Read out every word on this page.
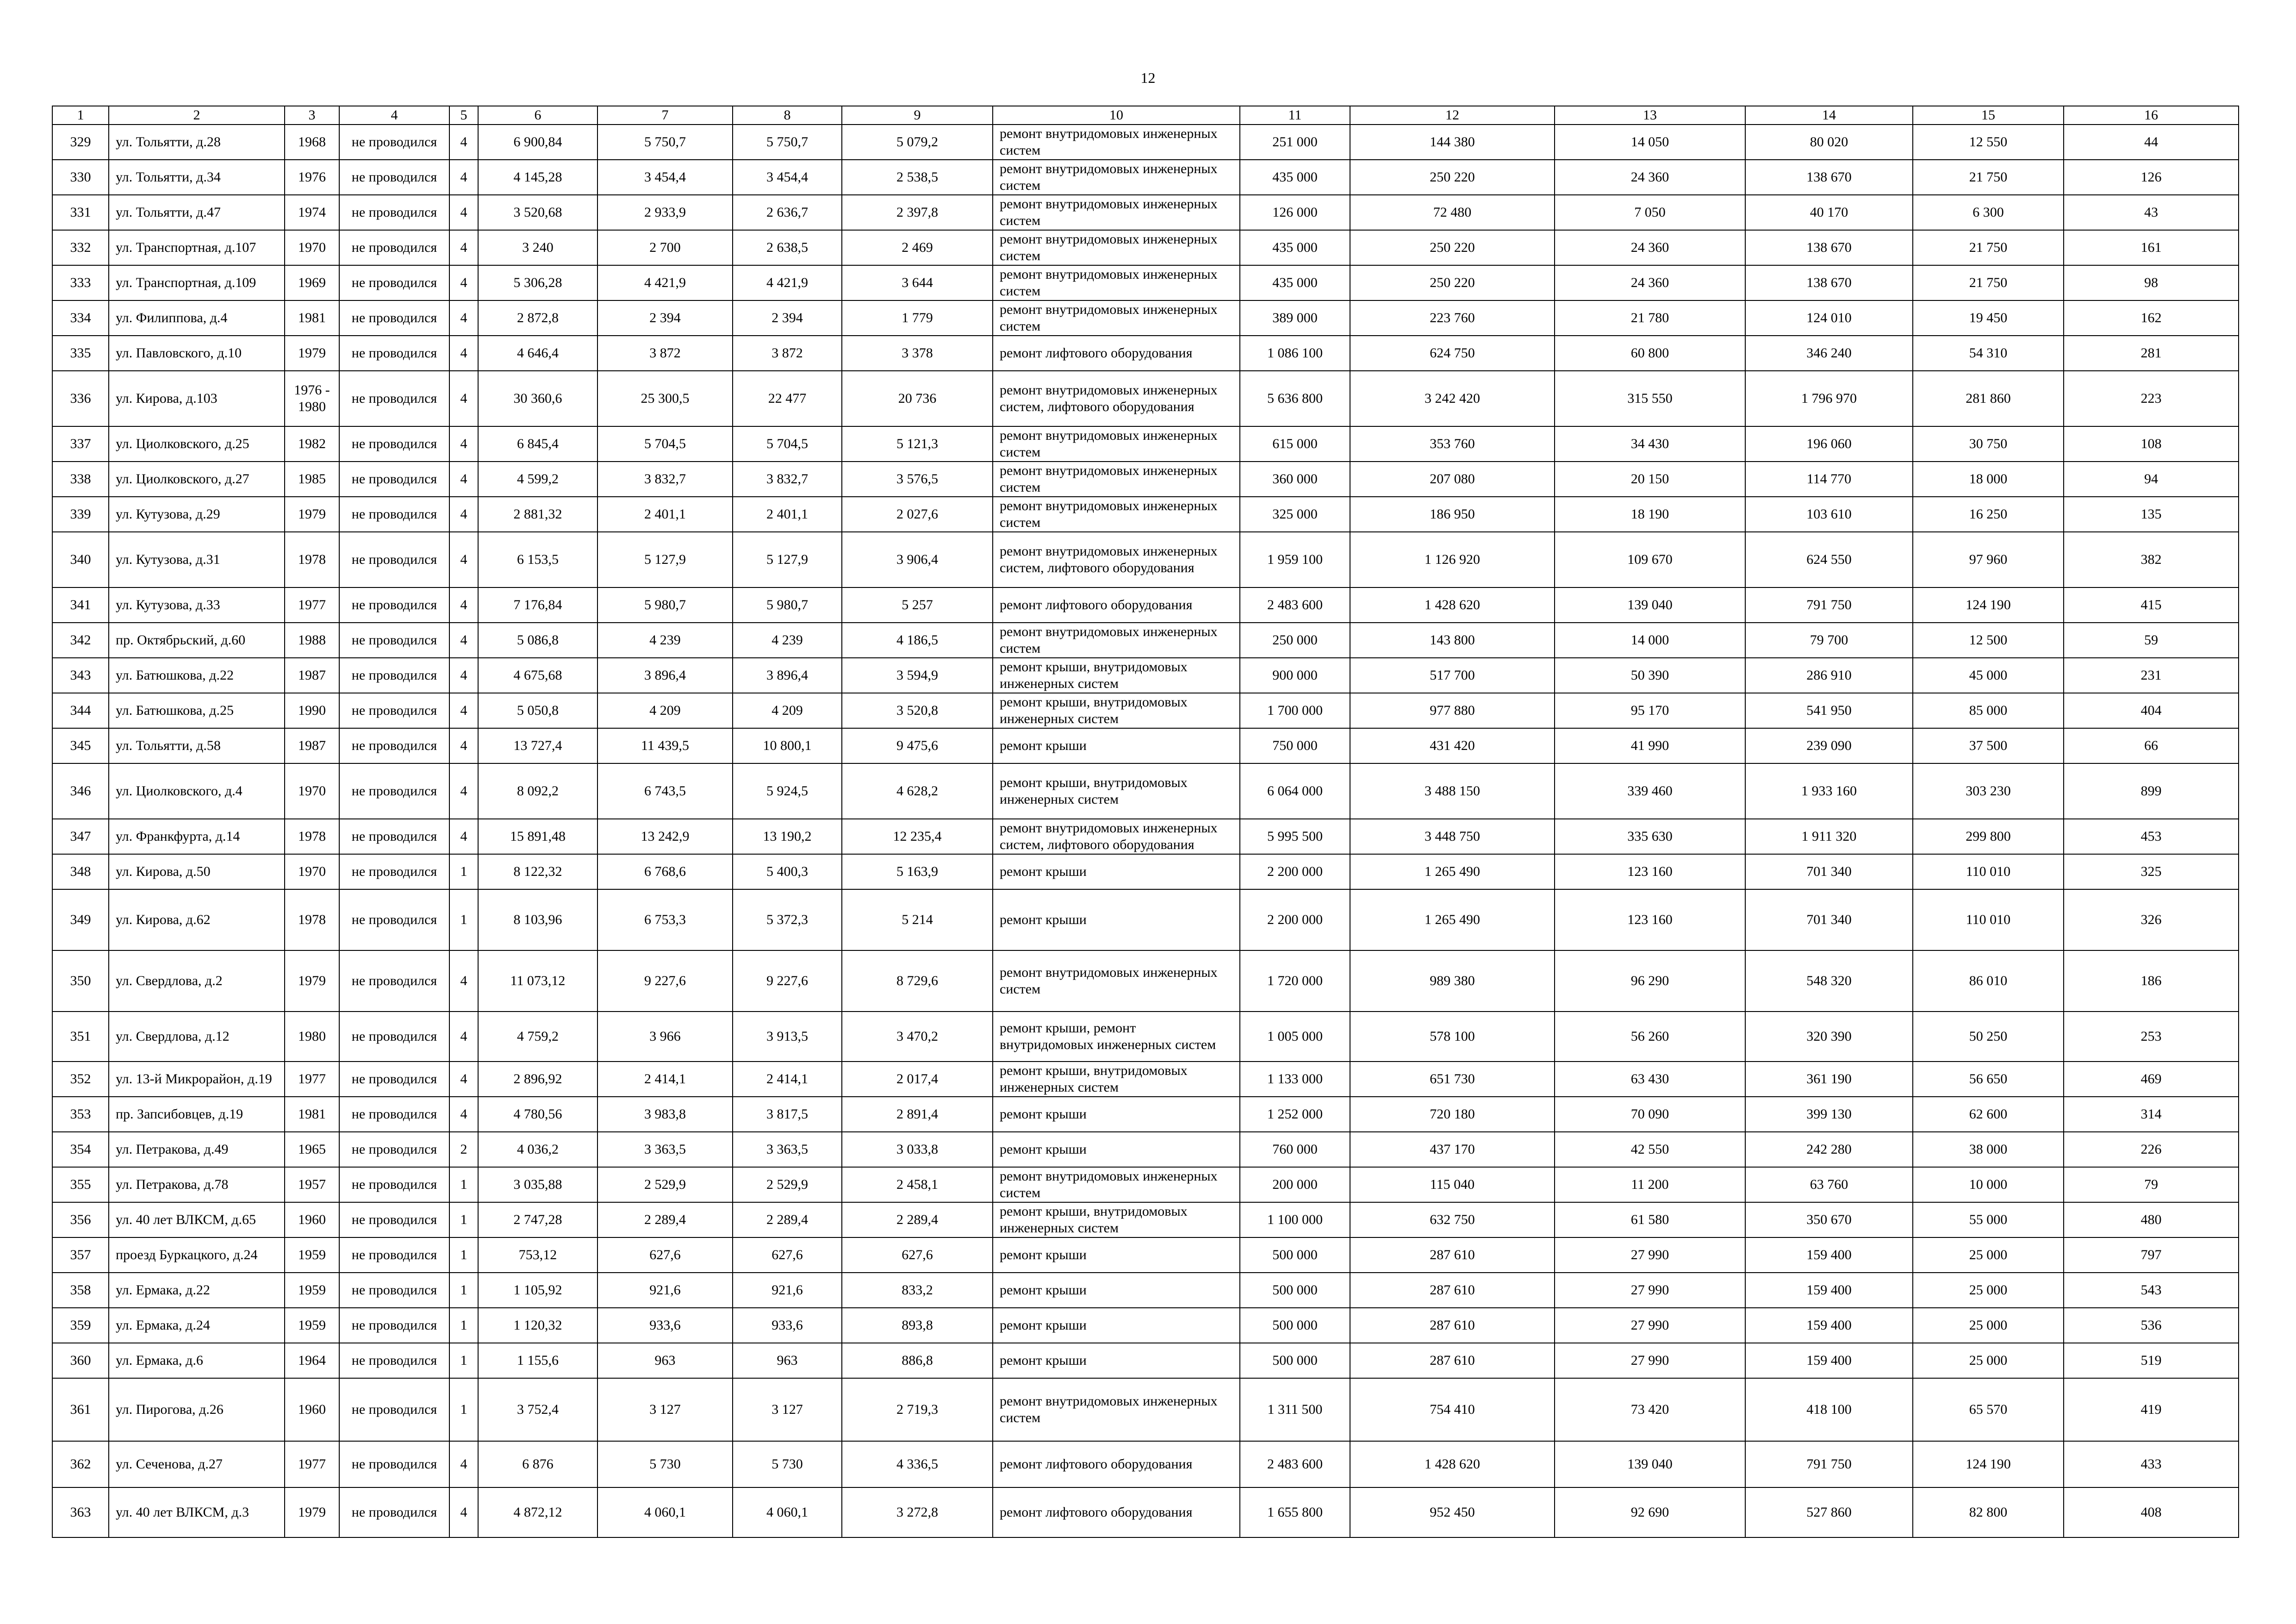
12
1	2	3	4	5	6	7	8	9	10	11	12	13	14	15	16
329	ул. Тольятти, д.28	1968	не проводился	4	6 900,84	5 750,7	5 750,7	5 079,2	ремонт внутридомовых инженерных систем	251 000	144 380	14 050	80 020	12 550	44
330	ул. Тольятти, д.34	1976	не проводился	4	4 145,28	3 454,4	3 454,4	2 538,5	ремонт внутридомовых инженерных систем	435 000	250 220	24 360	138 670	21 750	126
331	ул. Тольятти, д.47	1974	не проводился	4	3 520,68	2 933,9	2 636,7	2 397,8	ремонт внутридомовых инженерных систем	126 000	72 480	7 050	40 170	6 300	43
332	ул. Транспортная, д.107	1970	не проводился	4	3 240	2 700	2 638,5	2 469	ремонт внутридомовых инженерных систем	435 000	250 220	24 360	138 670	21 750	161
333	ул. Транспортная, д.109	1969	не проводился	4	5 306,28	4 421,9	4 421,9	3 644	ремонт внутридомовых инженерных систем	435 000	250 220	24 360	138 670	21 750	98
334	ул. Филиппова, д.4	1981	не проводился	4	2 872,8	2 394	2 394	1 779	ремонт внутридомовых инженерных систем	389 000	223 760	21 780	124 010	19 450	162
335	ул. Павловского, д.10	1979	не проводился	4	4 646,4	3 872	3 872	3 378	ремонт лифтового оборудования	1 086 100	624 750	60 800	346 240	54 310	281
336	ул. Кирова, д.103	1976 - 1980	не проводился	4	30 360,6	25 300,5	22 477	20 736	ремонт внутридомовых инженерных систем, лифтового оборудования	5 636 800	3 242 420	315 550	1 796 970	281 860	223
337	ул. Циолковского, д.25	1982	не проводился	4	6 845,4	5 704,5	5 704,5	5 121,3	ремонт внутридомовых инженерных систем	615 000	353 760	34 430	196 060	30 750	108
338	ул. Циолковского, д.27	1985	не проводился	4	4 599,2	3 832,7	3 832,7	3 576,5	ремонт внутридомовых инженерных систем	360 000	207 080	20 150	114 770	18 000	94
339	ул. Кутузова, д.29	1979	не проводился	4	2 881,32	2 401,1	2 401,1	2 027,6	ремонт внутридомовых инженерных систем	325 000	186 950	18 190	103 610	16 250	135
340	ул. Кутузова, д.31	1978	не проводился	4	6 153,5	5 127,9	5 127,9	3 906,4	ремонт внутридомовых инженерных систем, лифтового оборудования	1 959 100	1 126 920	109 670	624 550	97 960	382
341	ул. Кутузова, д.33	1977	не проводился	4	7 176,84	5 980,7	5 980,7	5 257	ремонт лифтового оборудования	2 483 600	1 428 620	139 040	791 750	124 190	415
342	пр. Октябрьский, д.60	1988	не проводился	4	5 086,8	4 239	4 239	4 186,5	ремонт внутридомовых инженерных систем	250 000	143 800	14 000	79 700	12 500	59
343	ул. Батюшкова, д.22	1987	не проводился	4	4 675,68	3 896,4	3 896,4	3 594,9	ремонт крыши, внутридомовых инженерных систем	900 000	517 700	50 390	286 910	45 000	231
344	ул. Батюшкова, д.25	1990	не проводился	4	5 050,8	4 209	4 209	3 520,8	ремонт крыши, внутридомовых инженерных систем	1 700 000	977 880	95 170	541 950	85 000	404
345	ул. Тольятти, д.58	1987	не проводился	4	13 727,4	11 439,5	10 800,1	9 475,6	ремонт крыши	750 000	431 420	41 990	239 090	37 500	66
346	ул. Циолковского, д.4	1970	не проводился	4	8 092,2	6 743,5	5 924,5	4 628,2	ремонт крыши, внутридомовых инженерных систем	6 064 000	3 488 150	339 460	1 933 160	303 230	899
347	ул. Франкфурта, д.14	1978	не проводился	4	15 891,48	13 242,9	13 190,2	12 235,4	ремонт внутридомовых инженерных систем, лифтового оборудования	5 995 500	3 448 750	335 630	1 911 320	299 800	453
348	ул. Кирова, д.50	1970	не проводился	1	8 122,32	6 768,6	5 400,3	5 163,9	ремонт крыши	2 200 000	1 265 490	123 160	701 340	110 010	325
349	ул. Кирова, д.62	1978	не проводился	1	8 103,96	6 753,3	5 372,3	5 214	ремонт крыши	2 200 000	1 265 490	123 160	701 340	110 010	326
350	ул. Свердлова, д.2	1979	не проводился	4	11 073,12	9 227,6	9 227,6	8 729,6	ремонт внутридомовых инженерных систем	1 720 000	989 380	96 290	548 320	86 010	186
351	ул. Свердлова, д.12	1980	не проводился	4	4 759,2	3 966	3 913,5	3 470,2	ремонт крыши, ремонт внутридомовых инженерных систем	1 005 000	578 100	56 260	320 390	50 250	253
352	ул. 13-й Микрорайон, д.19	1977	не проводился	4	2 896,92	2 414,1	2 414,1	2 017,4	ремонт крыши, внутридомовых инженерных систем	1 133 000	651 730	63 430	361 190	56 650	469
353	пр. Запсибовцев, д.19	1981	не проводился	4	4 780,56	3 983,8	3 817,5	2 891,4	ремонт крыши	1 252 000	720 180	70 090	399 130	62 600	314
354	ул. Петракова, д.49	1965	не проводился	2	4 036,2	3 363,5	3 363,5	3 033,8	ремонт крыши	760 000	437 170	42 550	242 280	38 000	226
355	ул. Петракова, д.78	1957	не проводился	1	3 035,88	2 529,9	2 529,9	2 458,1	ремонт внутридомовых инженерных систем	200 000	115 040	11 200	63 760	10 000	79
356	ул. 40 лет ВЛКСМ, д.65	1960	не проводился	1	2 747,28	2 289,4	2 289,4	2 289,4	ремонт крыши, внутридомовых инженерных систем	1 100 000	632 750	61 580	350 670	55 000	480
357	проезд Буркацкого, д.24	1959	не проводился	1	753,12	627,6	627,6	627,6	ремонт крыши	500 000	287 610	27 990	159 400	25 000	797
358	ул. Ермака, д.22	1959	не проводился	1	1 105,92	921,6	921,6	833,2	ремонт крыши	500 000	287 610	27 990	159 400	25 000	543
359	ул. Ермака, д.24	1959	не проводился	1	1 120,32	933,6	933,6	893,8	ремонт крыши	500 000	287 610	27 990	159 400	25 000	536
360	ул. Ермака, д.6	1964	не проводился	1	1 155,6	963	963	886,8	ремонт крыши	500 000	287 610	27 990	159 400	25 000	519
361	ул. Пирогова, д.26	1960	не проводился	1	3 752,4	3 127	3 127	2 719,3	ремонт внутридомовых инженерных систем	1 311 500	754 410	73 420	418 100	65 570	419
362	ул. Сеченова, д.27	1977	не проводился	4	6 876	5 730	5 730	4 336,5	ремонт лифтового оборудования	2 483 600	1 428 620	139 040	791 750	124 190	433
363	ул. 40 лет ВЛКСМ, д.3	1979	не проводился	4	4 872,12	4 060,1	4 060,1	3 272,8	ремонт лифтового оборудования	1 655 800	952 450	92 690	527 860	82 800	408
